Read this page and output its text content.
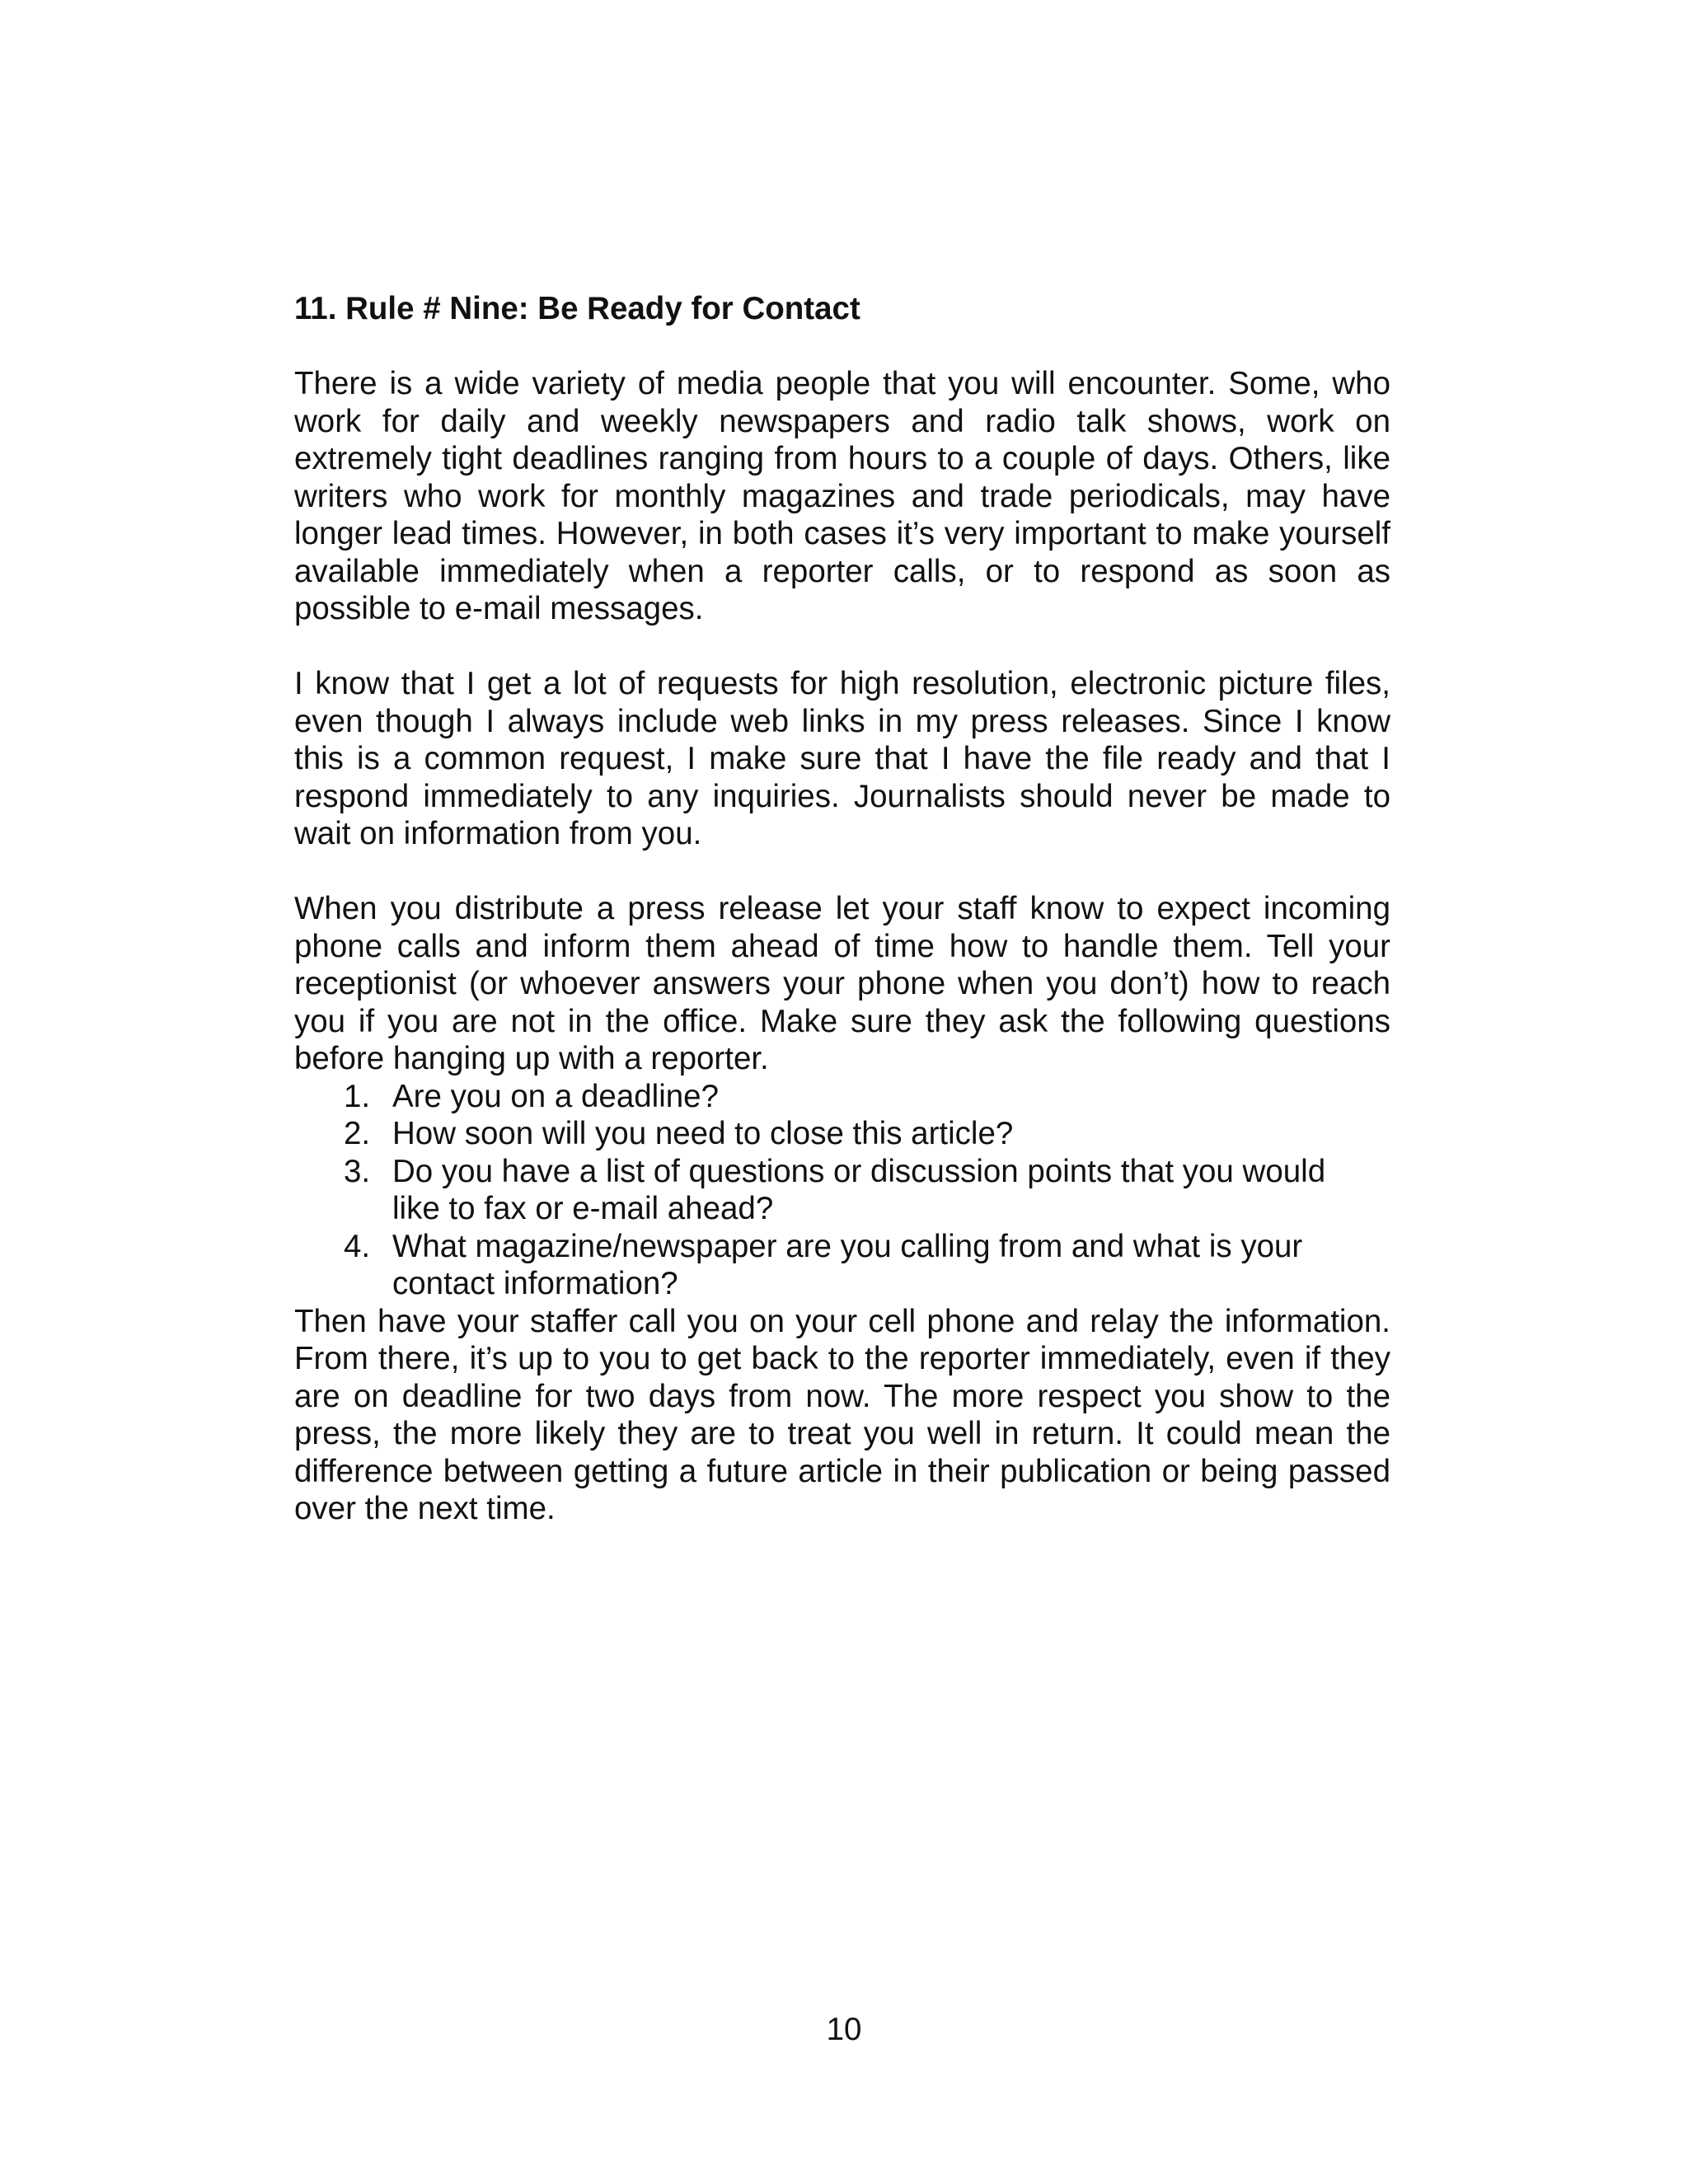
11. Rule # Nine: Be Ready for Contact

There is a wide variety of media people that you will encounter. Some, who work for daily and weekly newspapers and radio talk shows, work on extremely tight deadlines ranging from hours to a couple of days. Others, like writers who work for monthly magazines and trade periodicals, may have longer lead times. However, in both cases it’s very important to make yourself available immediately when a reporter calls, or to respond as soon as possible to e-mail messages.

I know that I get a lot of requests for high resolution, electronic picture files, even though I always include web links in my press releases. Since I know this is a common request, I make sure that I have the file ready and that I respond immediately to any inquiries. Journalists should never be made to wait on information from you.

When you distribute a press release let your staff know to expect incoming phone calls and inform them ahead of time how to handle them. Tell your receptionist (or whoever answers your phone when you don’t) how to reach you if you are not in the office. Make sure they ask the following questions before hanging up with a reporter.

1. Are you on a deadline?
2. How soon will you need to close this article?
3. Do you have a list of questions or discussion points that you would like to fax or e-mail ahead?
4. What magazine/newspaper are you calling from and what is your contact information?

Then have your staffer call you on your cell phone and relay the information. From there, it’s up to you to get back to the reporter immediately, even if they are on deadline for two days from now. The more respect you show to the press, the more likely they are to treat you well in return. It could mean the difference between getting a future article in their publication or being passed over the next time.

10
